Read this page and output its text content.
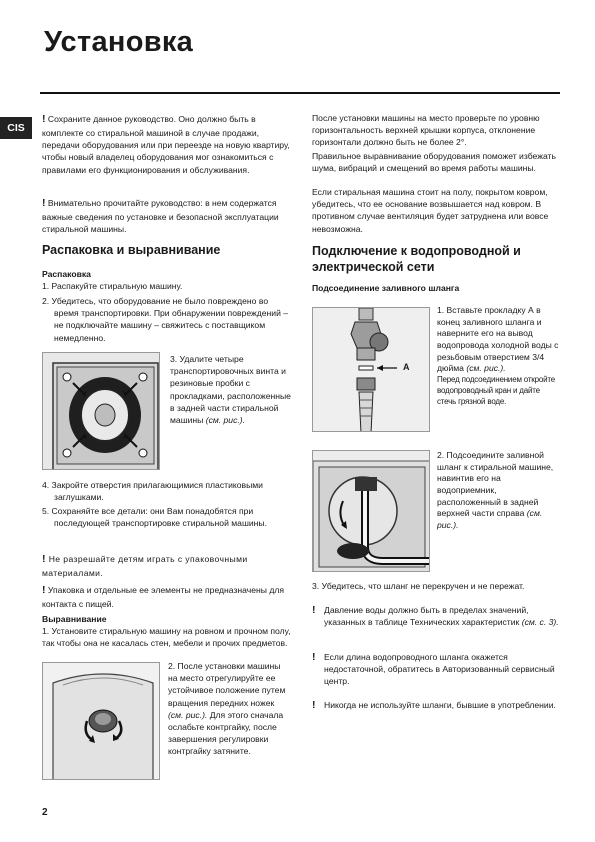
Установка
CIS
! Сохраните данное руководство. Оно должно быть в комплекте со стиральной машиной в случае продажи, передачи оборудования или при переезде на новую квартиру, чтобы новый владелец оборудования мог ознакомиться с правилами его функционирования и обслуживания.
! Внимательно прочитайте руководство: в нем содержатся важные сведения по установке и безопасной эксплуатации стиральной машины.
Распаковка и выравнивание
Распаковка
1. Распакуйте стиральную машину.
2. Убедитесь, что оборудование не было повреждено во время транспортировки. При обнаружении повреждений – не подключайте машину – свяжитесь с поставщиком немедленно.
3. Удалите четыре транспортировочных винта и резиновые пробки с прокладками, расположенные в задней части стиральной машины (см. рис.).
4. Закройте отверстия прилагающимися пластиковыми заглушками.
5. Сохраняйте все детали: они Вам понадобятся при последующей транспортировке стиральной машины.
! Не разрешайте детям играть с упаковочными материалами.
! Упаковка и отдельные ее элементы не предназначены для контакта с пищей.
Выравнивание
1. Установите стиральную машину на ровном и прочном полу, так чтобы она не касалась стен, мебели и прочих предметов.
2. После установки машины на место отрегулируйте ее устойчивое положение путем вращения передних ножек (см. рис.). Для этого сначала ослабьте контргайку, после завершения регулировки контргайку затяните.
После установки машины на место проверьте по уровню горизонтальность верхней крышки корпуса, отклонение горизонтали должно быть не более 2°.
Правильное выравнивание оборудования поможет избежать шума, вибраций и смещений во время работы машины.
Если стиральная машина стоит на полу, покрытом ковром, убедитесь, что ее основание возвышается над ковром. В противном случае вентиляция будет затруднена или вовсе невозможна.
Подключение к водопроводной и электрической сети
Подсоединение заливного шланга
A
1. Вставьте прокладку А в конец заливного шланга и наверните его на вывод водопровода холодной воды с резьбовым отверстием 3/4 дюйма (см. рис.).
Перед подсоединением откройте водопроводный кран и дайте стечь грязной воде.
2. Подсоедините заливной шланг к стиральной машине, навинтив его на водоприемник, расположенный в задней верхней части справа (см. рис.).
3. Убедитесь, что шланг не перекручен и не пережат.
! Давление воды должно быть в пределах значений, указанных в таблице Технических характеристик (см. с. 3).
! Если длина водопроводного шланга окажется недостаточной, обратитесь в Авторизованный сервисный центр.
! Никогда не используйте шланги, бывшие в употреблении.
2
